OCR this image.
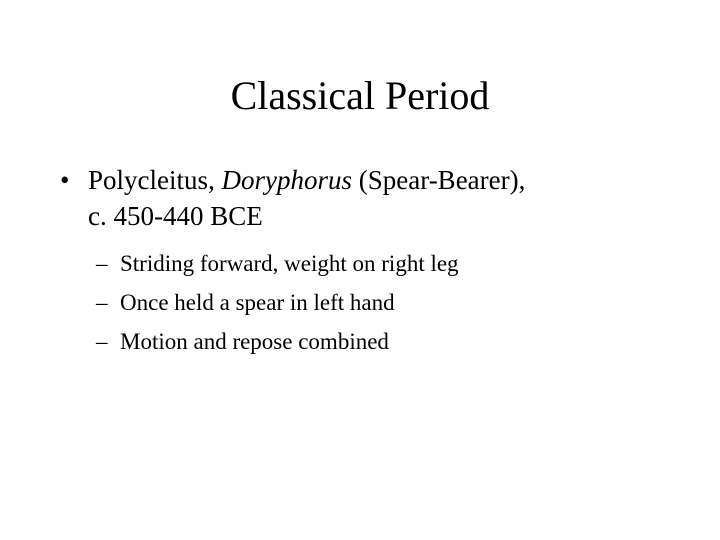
Classical Period
• Polycleitus, Doryphorus (Spear-Bearer),
c. 450-440 BCE
– Striding forward, weight on right leg
– Once held a spear in left hand
– Motion and repose combined
